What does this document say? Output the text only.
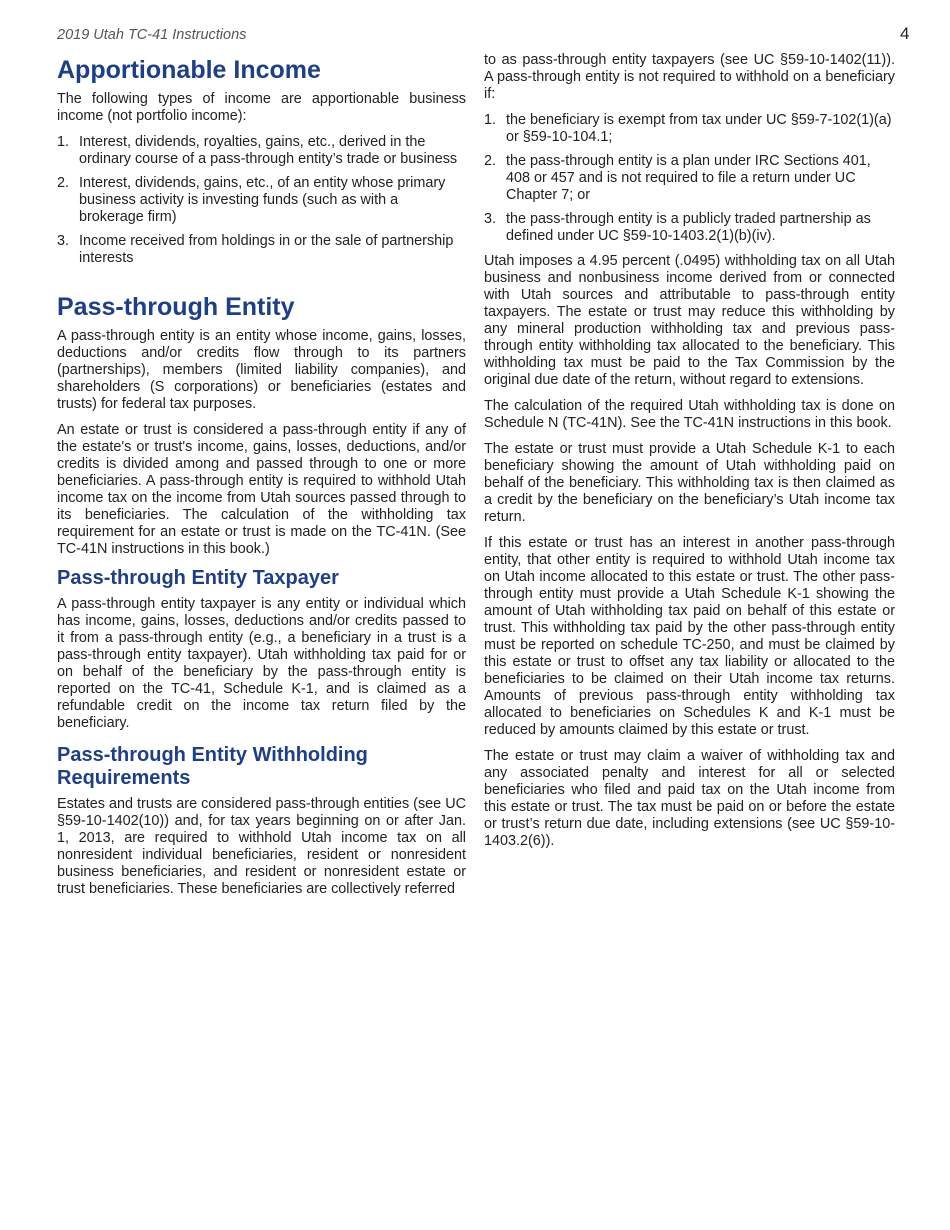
2019 Utah TC-41 Instructions	4
Apportionable Income

The following types of income are apportionable business income (not portfolio income):

1. Interest, dividends, royalties, gains, etc., derived in the ordinary course of a pass-through entity’s trade or business
2. Interest, dividends, gains, etc., of an entity whose primary business activity is investing funds (such as with a brokerage firm)
3. Income received from holdings in or the sale of partnership interests
Pass-through Entity

A pass-through entity is an entity whose income, gains, losses, deductions and/or credits flow through to its partners (partnerships), members (limited liability companies), and shareholders (S corporations) or beneficiaries (estates and trusts) for federal tax purposes.

An estate or trust is considered a pass-through entity if any of the estate's or trust's income, gains, losses, deductions, and/or credits is divided among and passed through to one or more beneficiaries. A pass-through entity is required to withhold Utah income tax on the income from Utah sources passed through to its beneficiaries. The calculation of the withholding tax requirement for an estate or trust is made on the TC-41N. (See TC-41N instructions in this book.)

Pass-through Entity Taxpayer

A pass-through entity taxpayer is any entity or individual which has income, gains, losses, deductions and/or credits passed to it from a pass-through entity (e.g., a beneficiary in a trust is a pass-through entity taxpayer). Utah withholding tax paid for or on behalf of the beneficiary by the pass-through entity is reported on the TC-41, Schedule K-1, and is claimed as a refundable credit on the income tax return filed by the beneficiary.

Pass-through Entity Withholding
Requirements

Estates and trusts are considered pass-through entities (see UC §59-10-1402(10)) and, for tax years beginning on or after Jan. 1, 2013, are required to withhold Utah income tax on all nonresident individual beneficiaries, resident or nonresident business beneficiaries, and resident or nonresident estate or trust beneficiaries. These beneficiaries are collectively referred

to as pass-through entity taxpayers (see UC §59-10-1402(11)). A pass-through entity is not required to withhold on a beneficiary if:

1. the beneficiary is exempt from tax under UC §59-7-102(1)(a) or §59-10-104.1;
2. the pass-through entity is a plan under IRC Sections 401, 408 or 457 and is not required to file a return under UC Chapter 7; or
3. the pass-through entity is a publicly traded partnership as defined under UC §59-10-1403.2(1)(b)(iv).

Utah imposes a 4.95 percent (.0495) withholding tax on all Utah business and nonbusiness income derived from or connected with Utah sources and attributable to pass-through entity taxpayers. The estate or trust may reduce this withholding by any mineral production withholding tax and previous pass-through entity withholding tax allocated to the beneficiary. This withholding tax must be paid to the Tax Commission by the original due date of the return, without regard to extensions.

The calculation of the required Utah withholding tax is done on Schedule N (TC-41N). See the TC-41N instructions in this book.

The estate or trust must provide a Utah Schedule K-1 to each beneficiary showing the amount of Utah withholding paid on behalf of the beneficiary. This withholding tax is then claimed as a credit by the beneficiary on the beneficiary’s Utah income tax return.

If this estate or trust has an interest in another pass-through entity, that other entity is required to withhold Utah income tax on Utah income allocated to this estate or trust. The other pass-through entity must provide a Utah Schedule K-1 showing the amount of Utah withholding tax paid on behalf of this estate or trust. This withholding tax paid by the other pass-through entity must be reported on schedule TC-250, and must be claimed by this estate or trust to offset any tax liability or allocated to the beneficiaries to be claimed on their Utah income tax returns. Amounts of previous pass-through entity withholding tax allocated to beneficiaries on Schedules K and K-1 must be reduced by amounts claimed by this estate or trust.

The estate or trust may claim a waiver of withholding tax and any associated penalty and interest for all or selected beneficiaries who filed and paid tax on the Utah income from this estate or trust. The tax must be paid on or before the estate or trust’s return due date, including extensions (see UC §59-10-1403.2(6)).
